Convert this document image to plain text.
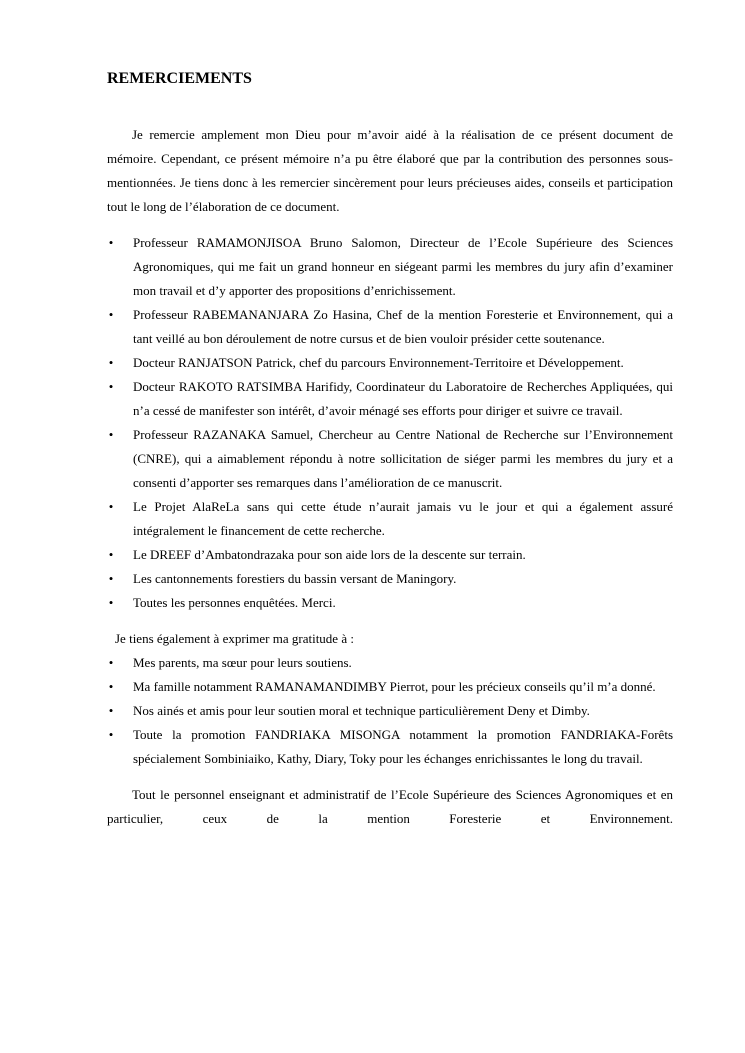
REMERCIEMENTS

Je remercie amplement mon Dieu pour m’avoir aidé à la réalisation de ce présent document de mémoire. Cependant, ce présent mémoire n’a pu être élaboré que par la contribution des personnes sous-mentionnées. Je tiens donc à les remercier sincèrement pour leurs précieuses aides, conseils et participation tout le long de l’élaboration de ce document.

• Professeur RAMAMONJISOA Bruno Salomon, Directeur de l’Ecole Supérieure des Sciences Agronomiques, qui me fait un grand honneur en siégeant parmi les membres du jury afin d’examiner mon travail et d’y apporter des propositions d’enrichissement.
• Professeur RABEMANANJARA Zo Hasina, Chef de la mention Foresterie et Environnement, qui a tant veillé au bon déroulement de notre cursus et de bien vouloir présider cette soutenance.
• Docteur RANJATSON Patrick, chef du parcours Environnement-Territoire et Développement.
• Docteur RAKOTO RATSIMBA Harifidy, Coordinateur du Laboratoire de Recherches Appliquées, qui n’a cessé de manifester son intérêt, d’avoir ménagé ses efforts pour diriger et suivre ce travail.
• Professeur RAZANAKA Samuel, Chercheur au Centre National de Recherche sur l’Environnement (CNRE), qui a aimablement répondu à notre sollicitation de siéger parmi les membres du jury et a consenti d’apporter ses remarques dans l’amélioration de ce manuscrit.
• Le Projet AlaReLa sans qui cette étude n’aurait jamais vu le jour et qui a également assuré intégralement le financement de cette recherche.
• Le DREEF d’Ambatondrazaka pour son aide lors de la descente sur terrain.
• Les cantonnements forestiers du bassin versant de Maningory.
• Toutes les personnes enquêtées. Merci.

Je tiens également à exprimer ma gratitude à :

• Mes parents, ma sœur pour leurs soutiens.
• Ma famille notamment RAMANAMANDIMBY Pierrot, pour les précieux conseils qu’il m’a donné.
• Nos ainés et amis pour leur soutien moral et technique particulièrement Deny et Dimby.
• Toute la promotion FANDRIAKA MISONGA notamment la promotion FANDRIAKA-Forêts spécialement Sombiniaiko, Kathy, Diary, Toky pour les échanges enrichissantes le long du travail.

Tout le personnel enseignant et administratif de l’Ecole Supérieure des Sciences Agronomiques et en particulier, ceux de la mention Foresterie et Environnement.
